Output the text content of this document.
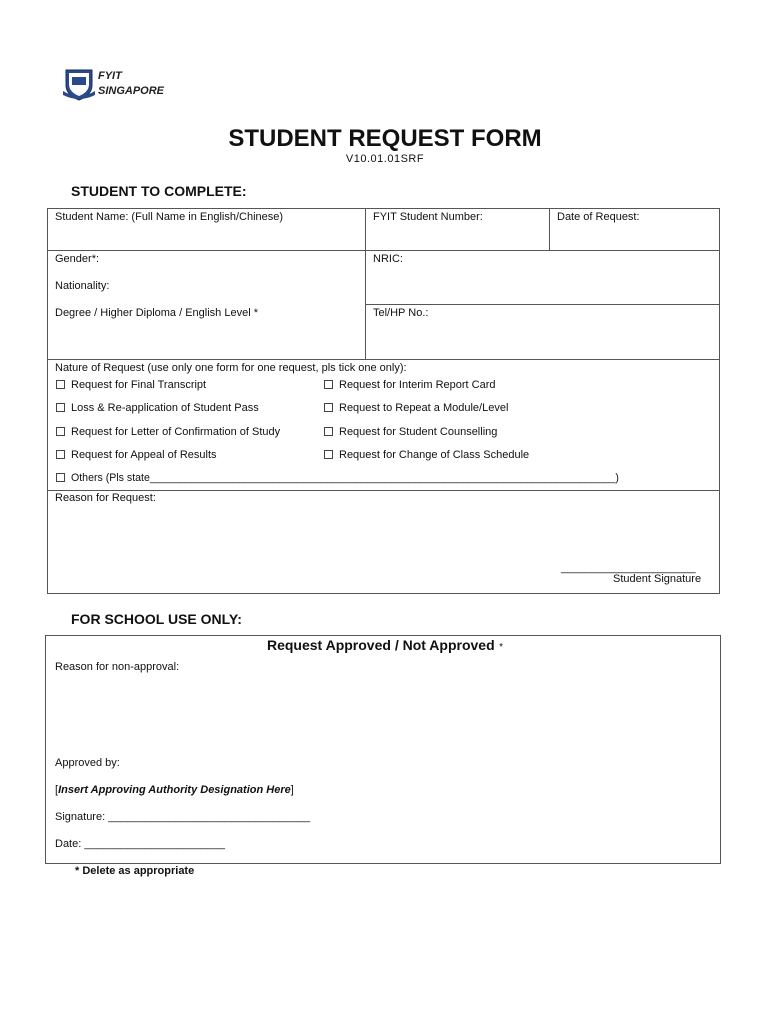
FYIT
SINGAPORE
STUDENT REQUEST FORM
V10.01.01SRF
STUDENT TO COMPLETE:
Student Name: (Full Name in English/Chinese)	FYIT Student Number:	Date of Request:
Gender*:	NRIC:
Nationality:
Degree / Higher Diploma / English Level *	Tel/HP No.:
Nature of Request (use only one form for one request, pls tick one only):
Request for Final Transcript	Request for Interim Report Card
Loss & Re-application of Student Pass	Request to Repeat a Module/Level
Request for Letter of Confirmation of Study	Request for Student Counselling
Request for Appeal of Results	Request for Change of Class Schedule
Others (Pls state_______________________________________________________________________________)
Reason for Request:
______________________
Student Signature
FOR SCHOOL USE ONLY:
Request Approved / Not Approved *
Reason for non-approval:
Approved by:
[Insert Approving Authority Designation Here]
Signature: _________________________________
Date: _______________________
* Delete as appropriate
